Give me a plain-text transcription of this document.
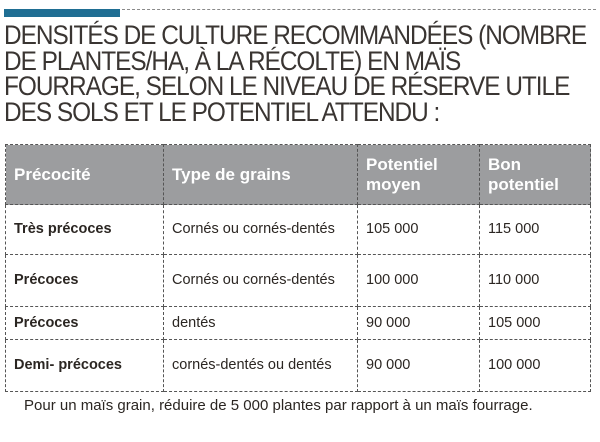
DENSITÉS DE CULTURE RECOMMANDÉES (NOMBRE DE PLANTES/HA, À LA RÉCOLTE) EN MAÏS FOURRAGE, SELON LE NIVEAU DE RÉSERVE UTILE DES SOLS ET LE POTENTIEL ATTENDU :
Précocité	Type de grains	Potentiel moyen	Bon potentiel
Très précoces	Cornés ou cornés-dentés	105 000	115 000
Précoces	Cornés ou cornés-dentés	100 000	110 000
Précoces	dentés	90 000	105 000
Demi- précoces	cornés-dentés ou dentés	90 000	100 000

Pour un maïs grain, réduire de 5 000 plantes par rapport à un maïs fourrage.
